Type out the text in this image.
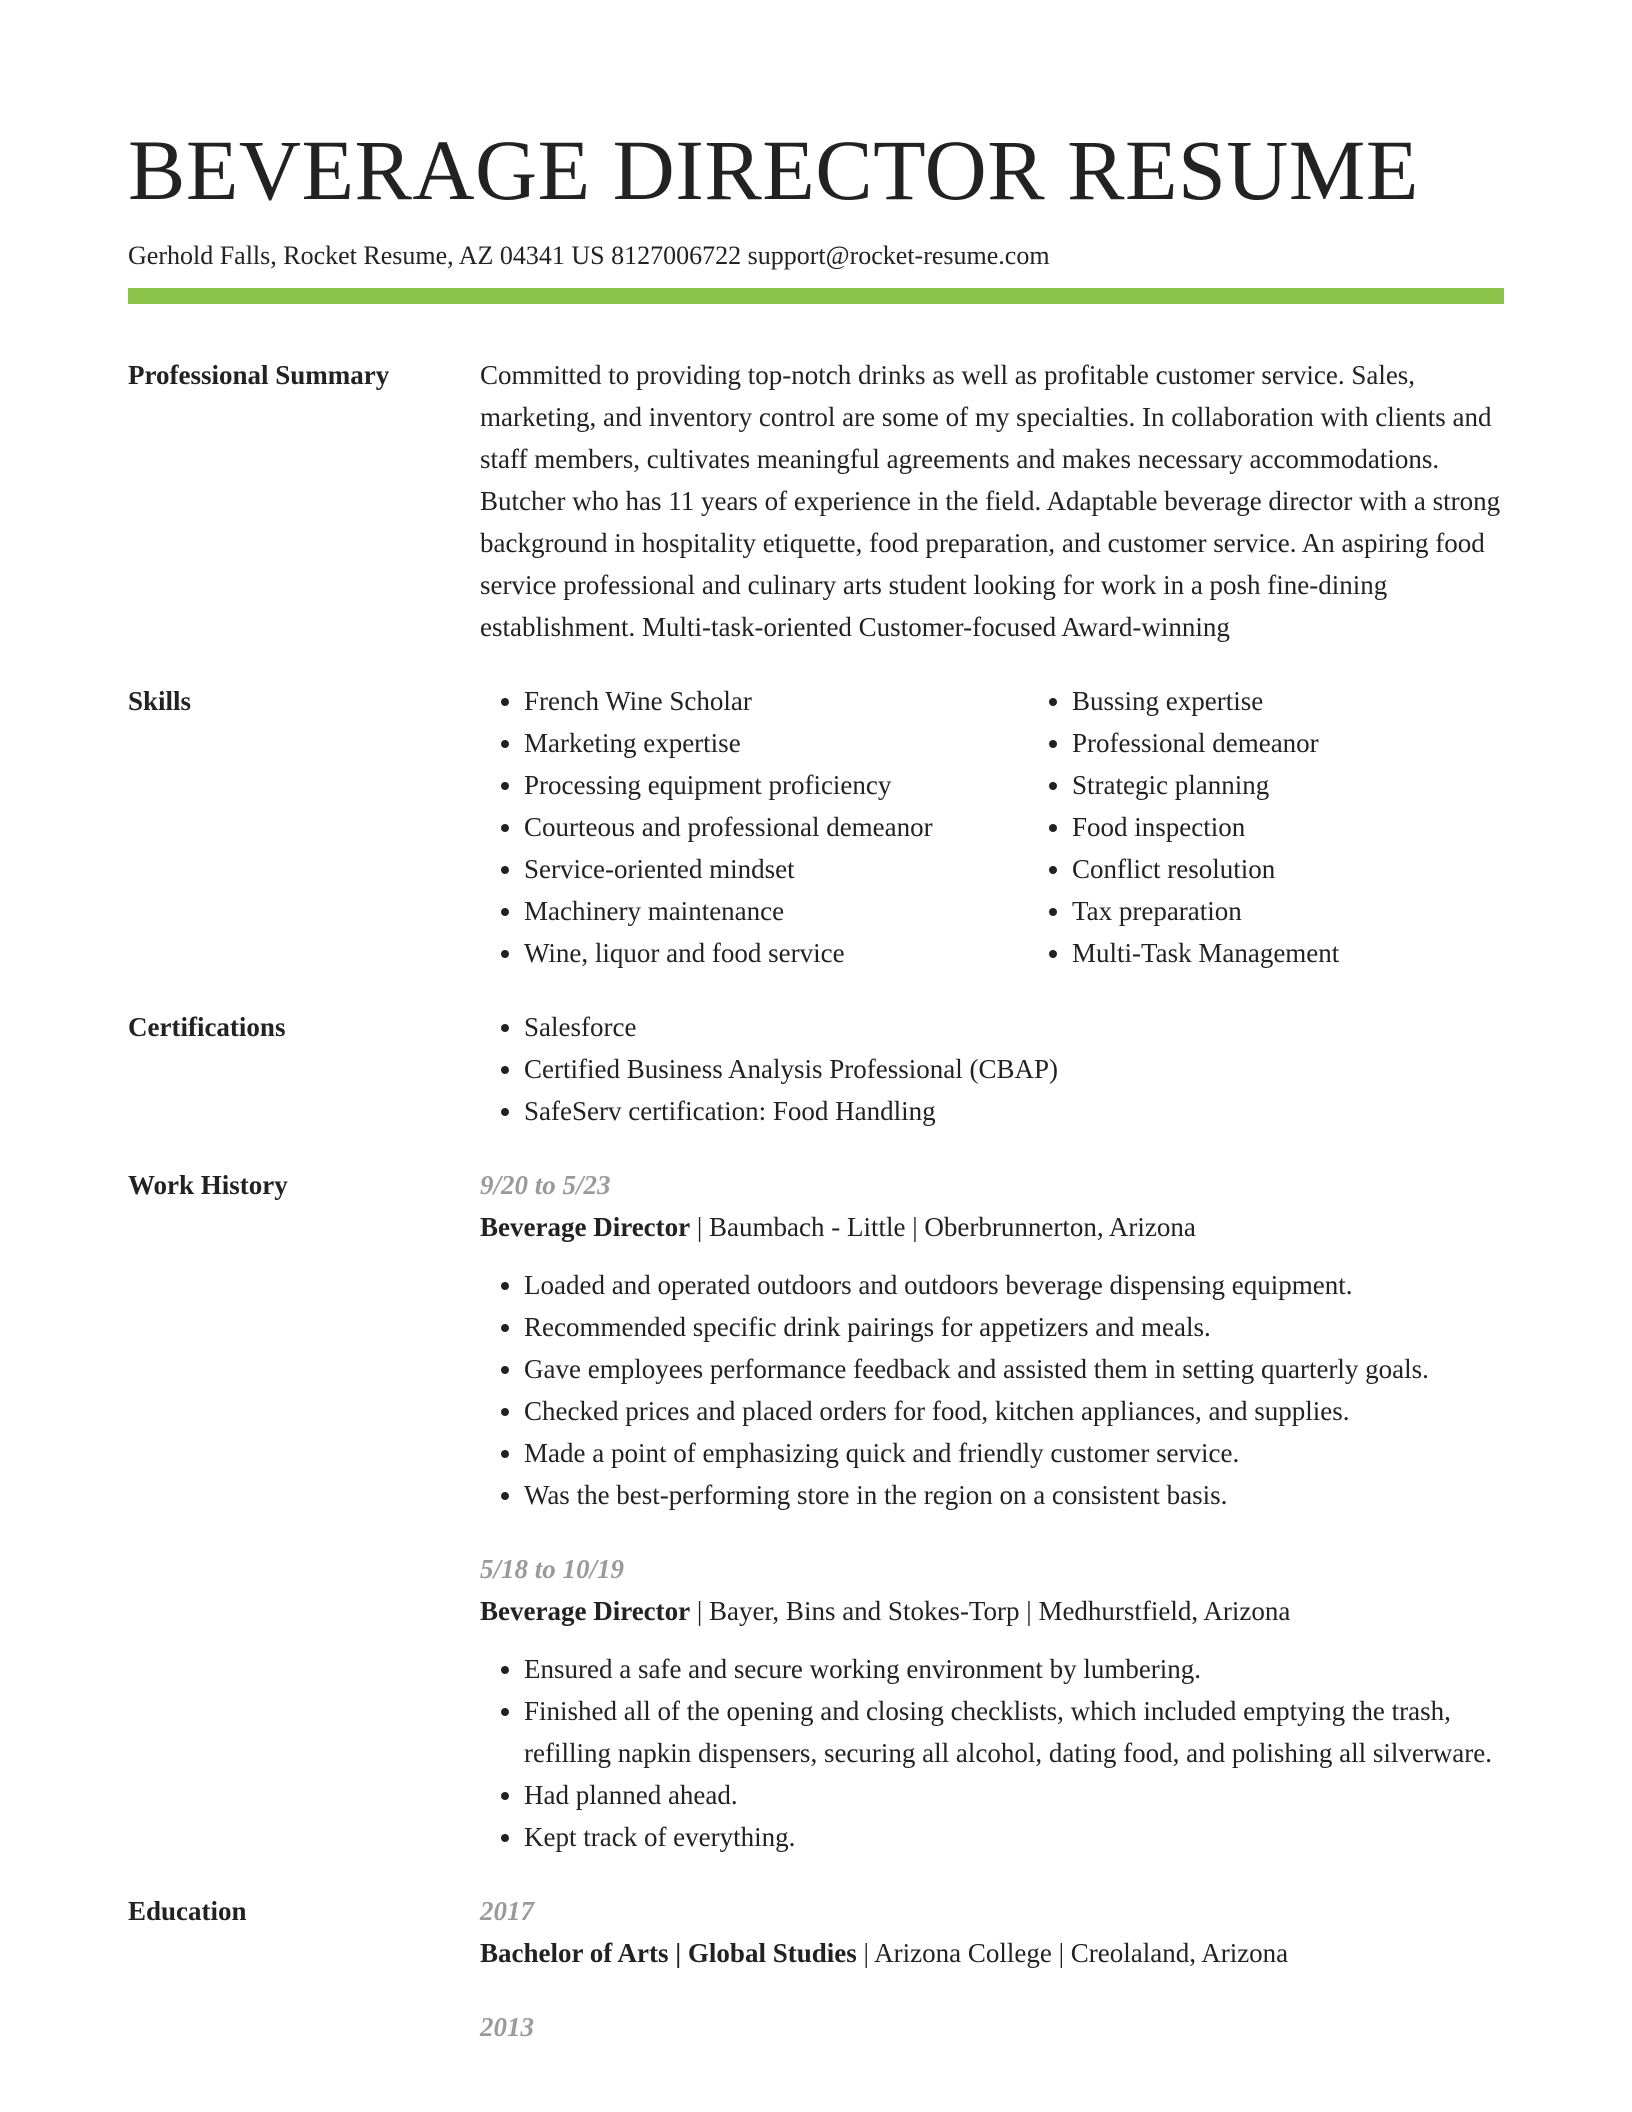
BEVERAGE DIRECTOR RESUME
Gerhold Falls, Rocket Resume, AZ 04341 US 8127006722 support@rocket-resume.com
Professional Summary	Committed to providing top-notch drinks as well as profitable customer service. Sales, marketing, and inventory control are some of my specialties. In collaboration with clients and staff members, cultivates meaningful agreements and makes necessary accommodations. Butcher who has 11 years of experience in the field. Adaptable beverage director with a strong background in hospitality etiquette, food preparation, and customer service. An aspiring food service professional and culinary arts student looking for work in a posh fine-dining establishment. Multi-task-oriented Customer-focused Award-winning

Skills	• French Wine Scholar
• Marketing expertise
• Processing equipment proficiency
• Courteous and professional demeanor
• Service-oriented mindset
• Machinery maintenance
• Wine, liquor and food service
• Bussing expertise
• Professional demeanor
• Strategic planning
• Food inspection
• Conflict resolution
• Tax preparation
• Multi-Task Management
Certifications	• Salesforce
• Certified Business Analysis Professional (CBAP)
• SafeServ certification: Food Handling
Work History	9/20 to 5/23
Beverage Director | Baumbach - Little | Oberbrunnerton, Arizona
• Loaded and operated outdoors and outdoors beverage dispensing equipment.
• Recommended specific drink pairings for appetizers and meals.
• Gave employees performance feedback and assisted them in setting quarterly goals.
• Checked prices and placed orders for food, kitchen appliances, and supplies.
• Made a point of emphasizing quick and friendly customer service.
• Was the best-performing store in the region on a consistent basis.
5/18 to 10/19
Beverage Director | Bayer, Bins and Stokes-Torp | Medhurstfield, Arizona
• Ensured a safe and secure working environment by lumbering.
• Finished all of the opening and closing checklists, which included emptying the trash, refilling napkin dispensers, securing all alcohol, dating food, and polishing all silverware.
• Had planned ahead.
• Kept track of everything.
Education	2017
Bachelor of Arts | Global Studies | Arizona College | Creolaland, Arizona
2013
